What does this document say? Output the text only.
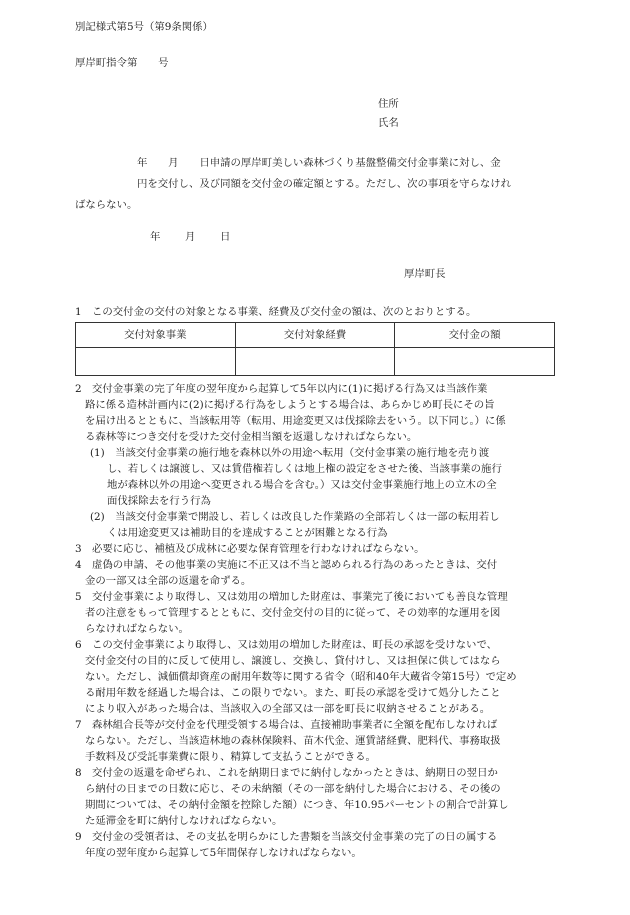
別記様式第5号（第9条関係）
厚岸町指令第　　号
住所
氏名
年　　月　　日申請の厚岸町美しい森林づくり基盤整備交付金事業に対し、金
円を交付し、及び同額を交付金の確定額とする。ただし、次の事項を守らなけれ
ばならない。
年 月 日
厚岸町長
1　この交付金の交付の対象となる事業、経費及び交付金の額は、次のとおりとする。
交付対象事業	交付対象経費	交付金の額

2　交付金事業の完了年度の翌年度から起算して5年以内に(1)に掲げる行為又は当該作業
路に係る造林計画内に(2)に掲げる行為をしようとする場合は、あらかじめ町長にその旨
を届け出るとともに、当該転用等（転用、用途変更又は伐採除去をいう。以下同じ。）に係
る森林等につき交付を受けた交付金相当額を返還しなければならない。
(1)　当該交付金事業の施行地を森林以外の用途へ転用（交付金事業の施行地を売り渡
し、若しくは譲渡し、又は賃借権若しくは地上権の設定をさせた後、当該事業の施行
地が森林以外の用途へ変更される場合を含む。）又は交付金事業施行地上の立木の全
面伐採除去を行う行為
(2)　当該交付金事業で開設し、若しくは改良した作業路の全部若しくは一部の転用若し
くは用途変更又は補助目的を達成することが困難となる行為
3　必要に応じ、補植及び成林に必要な保育管理を行わなければならない。
4　虚偽の申請、その他事業の実施に不正又は不当と認められる行為のあったときは、交付
金の一部又は全部の返還を命ずる。
5　交付金事業により取得し、又は効用の増加した財産は、事業完了後においても善良な管理
者の注意をもって管理するとともに、交付金交付の目的に従って、その効率的な運用を図
らなければならない。
6　この交付金事業により取得し、又は効用の増加した財産は、町長の承認を受けないで、
交付金交付の目的に反して使用し、譲渡し、交換し、貸付けし、又は担保に供してはなら
ない。ただし、減価償却資産の耐用年数等に関する省令（昭和40年大蔵省令第15号）で定め
る耐用年数を経過した場合は、この限りでない。また、町長の承認を受けて処分したこと
により収入があった場合は、当該収入の全部又は一部を町長に収納させることがある。
7　森林組合長等が交付金を代理受領する場合は、直接補助事業者に全額を配布しなければ
ならない。ただし、当該造林地の森林保険料、苗木代金、運賃諸経費、肥料代、事務取扱
手数料及び受託事業費に限り、精算して支払うことができる。
8　交付金の返還を命ぜられ、これを納期日までに納付しなかったときは、納期日の翌日か
ら納付の日までの日数に応じ、その未納額（その一部を納付した場合における、その後の
期間については、その納付金額を控除した額）につき、年10.95パーセントの割合で計算し
た延滞金を町に納付しなければならない。
9　交付金の受領者は、その支払を明らかにした書類を当該交付金事業の完了の日の属する
年度の翌年度から起算して5年間保存しなければならない。
